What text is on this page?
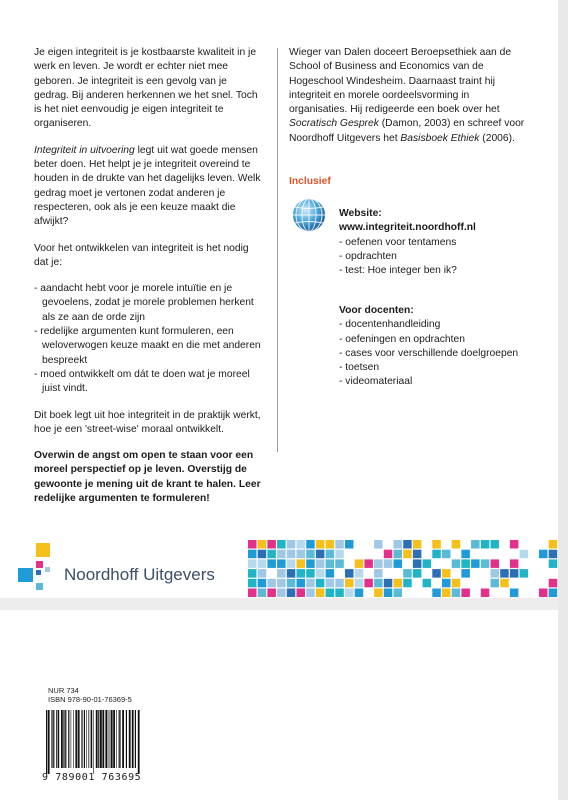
Je eigen integriteit is je kostbaarste kwaliteit in je werk en leven. Je wordt er echter niet mee geboren. Je integriteit is een gevolg van je gedrag. Bij anderen herkennen we het snel. Toch is het niet eenvoudig je eigen integriteit te organiseren.

Integriteit in uitvoering legt uit wat goede mensen beter doen. Het helpt je je integriteit overeind te houden in de drukte van het dagelijks leven. Welk gedrag moet je vertonen zodat anderen je respecteren, ook als je een keuze maakt die afwijkt?

Voor het ontwikkelen van integriteit is het nodig dat je:

- aandacht hebt voor je morele intuïtie en je gevoelens, zodat je morele problemen herkent als ze aan de orde zijn
- redelijke argumenten kunt formuleren, een weloverwogen keuze maakt en die met anderen bespreekt
- moed ontwikkelt om dát te doen wat je moreel juist vindt.

Dit boek legt uit hoe integriteit in de praktijk werkt, hoe je een 'street-wise' moraal ontwikkelt.

Overwin de angst om open te staan voor een moreel perspectief op je leven. Overstijg de gewoonte je mening uit de krant te halen. Leer redelijke argumenten te formuleren!

Wieger van Dalen doceert Beroepsethiek aan de School of Business and Economics van de Hogeschool Windesheim. Daarnaast traint hij integriteit en morele oordeelsvorming in organisaties. Hij redigeerde een boek over het Socratisch Gesprek (Damon, 2003) en schreef voor Noordhoff Uitgevers het Basisboek Ethiek (2006).

Inclusief
Website:
www.integriteit.noordhoff.nl
- oefenen voor tentamens
- opdrachten
- test: Hoe integer ben ik?
Voor docenten:
- docentenhandleiding
- oefeningen en opdrachten
- cases voor verschillende doelgroepen
- toetsen
- videomateriaal
Noordhoff Uitgevers
NUR 734
ISBN 978-90-01-76369-5
9 789001 763695
